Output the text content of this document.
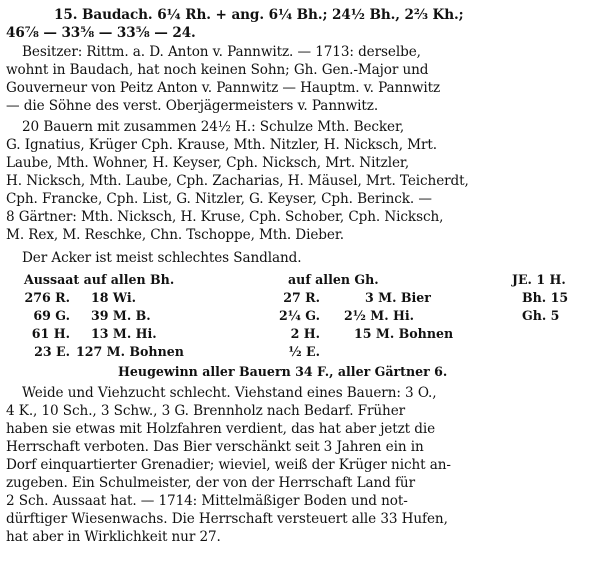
15. Baudach. 6¼ Rh. + ang. 6¼ Bh.; 24½ Bh., 2⅔ Kh.;
46⅞ — 33⅝ — 33⅝ — 24.
Besitzer: Rittm. a. D. Anton v. Pannwitz. — 1713: derselbe,
wohnt in Baudach, hat noch keinen Sohn; Gh. Gen.-Major und
Gouverneur von Peitz Anton v. Pannwitz — Hauptm. v. Pannwitz
— die Söhne des verst. Oberjägermeisters v. Pannwitz.
20 Bauern mit zusammen 24½ H.: Schulze Mth. Becker,
G. Ignatius, Krüger Cph. Krause, Mth. Nitzler, H. Nicksch, Mrt.
Laube, Mth. Wohner, H. Keyser, Cph. Nicksch, Mrt. Nitzler,
H. Nicksch, Mth. Laube, Cph. Zacharias, H. Mäusel, Mrt. Teicherdt,
Cph. Francke, Cph. List, G. Nitzler, G. Keyser, Cph. Berinck. —
8 Gärtner: Mth. Nicksch, H. Kruse, Cph. Schober, Cph. Nicksch,
M. Rex, M. Reschke, Chn. Tschoppe, Mth. Dieber.
Der Acker ist meist schlechtes Sandland.
Aussaat auf allen Bh.	auf allen Gh.	JE. 1 H.
276 R. 18 Wi.	27 R.	3 M. Bier	Bh. 15
69 G. 39 M. B.	2¼ G. 2½ M. Hi.	Gh. 5
61 H. 13 M. Hi.	2 H.	15 M. Bohnen
23 E. 127 M. Bohnen	½ E.
Heugewinn aller Bauern 34 F., aller Gärtner 6.
Weide und Viehzucht schlecht. Viehstand eines Bauern: 3 O.,
4 K., 10 Sch., 3 Schw., 3 G. Brennholz nach Bedarf. Früher
haben sie etwas mit Holzfahren verdient, das hat aber jetzt die
Herrschaft verboten. Das Bier verschänkt seit 3 Jahren ein in
Dorf einquartierter Grenadier; wieviel, weiß der Krüger nicht an-
zugeben. Ein Schulmeister, der von der Herrschaft Land für
2 Sch. Aussaat hat. — 1714: Mittelmäßiger Boden und not-
dürftiger Wiesenwachs. Die Herrschaft versteuert alle 33 Hufen,
hat aber in Wirklichkeit nur 27.
